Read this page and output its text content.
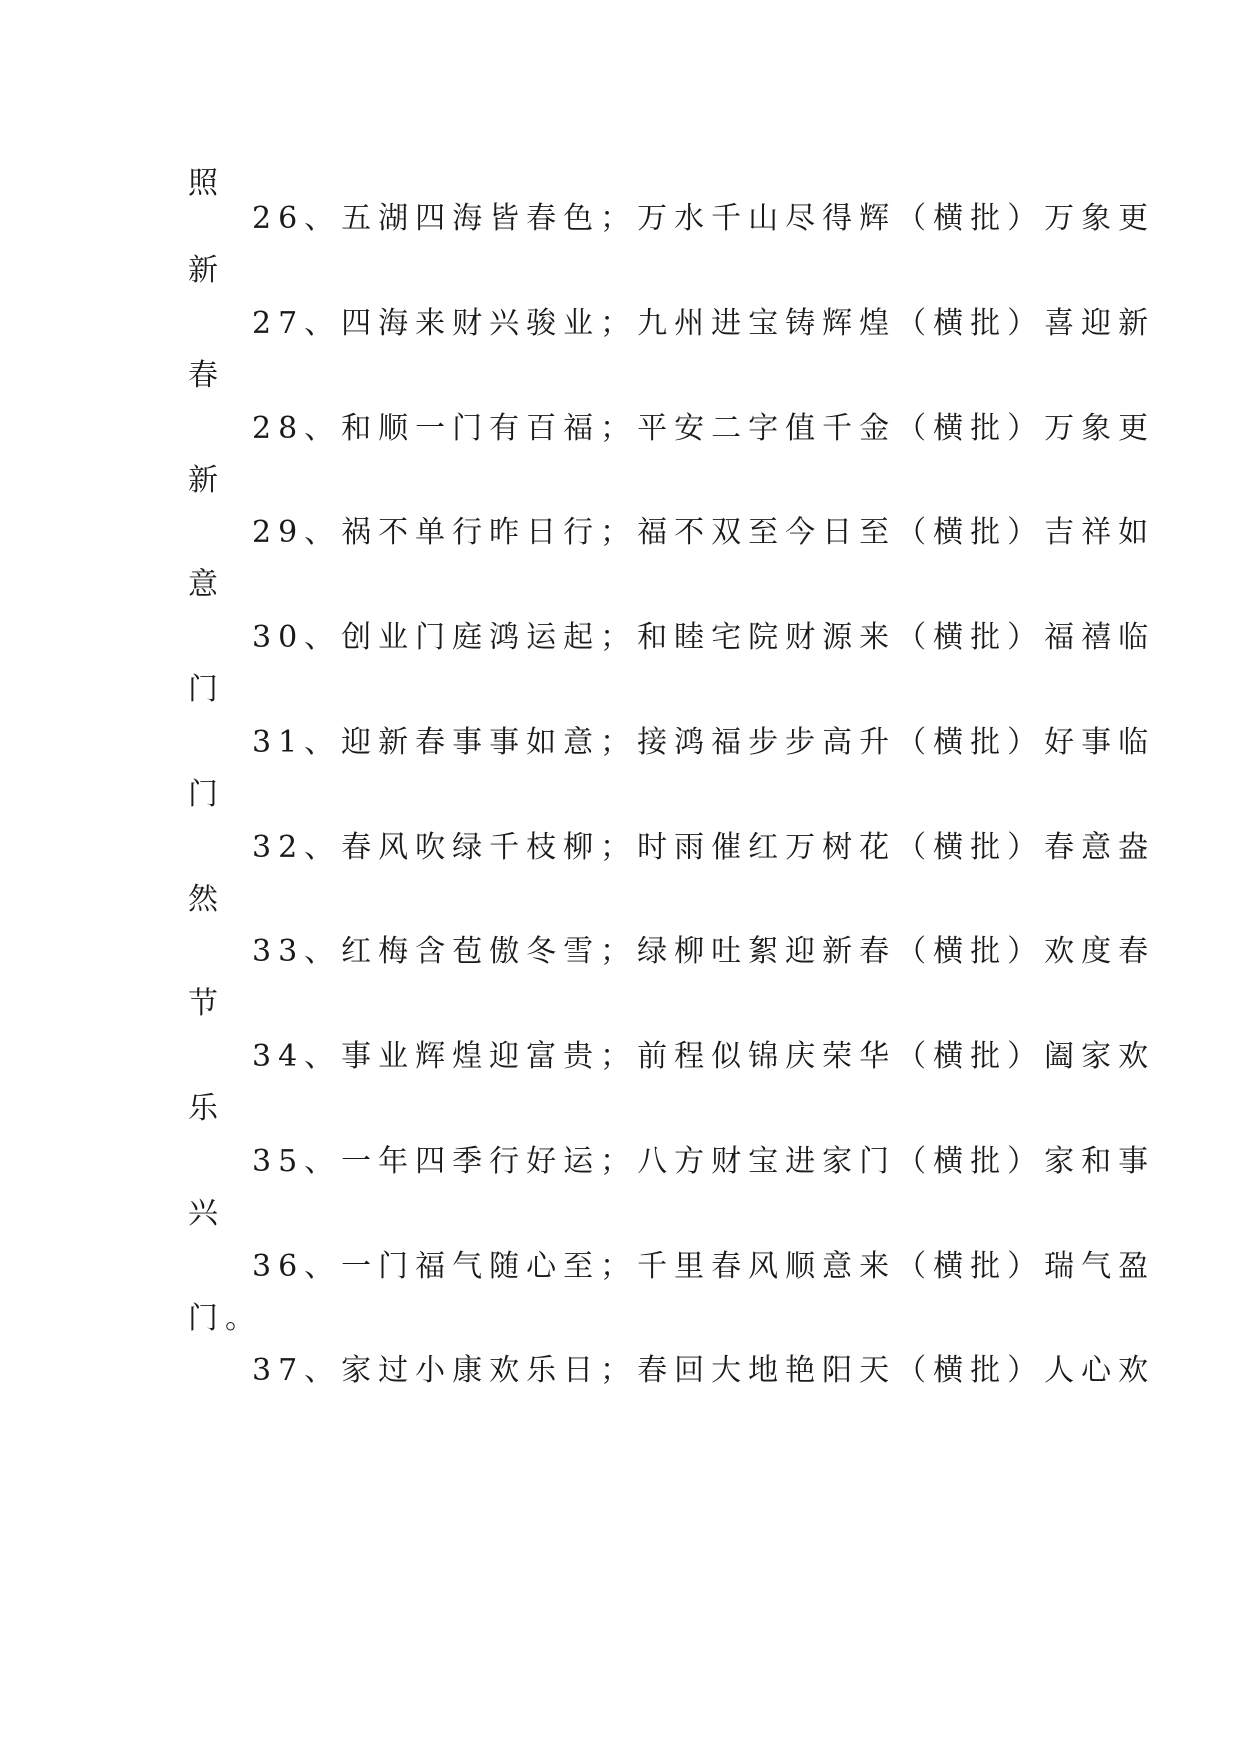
照
26、五湖四海皆春色；万水千山尽得辉（横批）万象更
新
27、四海来财兴骏业；九州进宝铸辉煌（横批）喜迎新
春
28、和顺一门有百福；平安二字值千金（横批）万象更
新
29、祸不单行昨日行；福不双至今日至（横批）吉祥如
意
30、创业门庭鸿运起；和睦宅院财源来（横批）福禧临
门
31、迎新春事事如意；接鸿福步步高升（横批）好事临
门
32、春风吹绿千枝柳；时雨催红万树花（横批）春意盎
然
33、红梅含苞傲冬雪；绿柳吐絮迎新春（横批）欢度春
节
34、事业辉煌迎富贵；前程似锦庆荣华（横批）阖家欢
乐
35、一年四季行好运；八方财宝进家门（横批）家和事
兴
36、一门福气随心至；千里春风顺意来（横批）瑞气盈
门。
37、家过小康欢乐日；春回大地艳阳天（横批）人心欢
